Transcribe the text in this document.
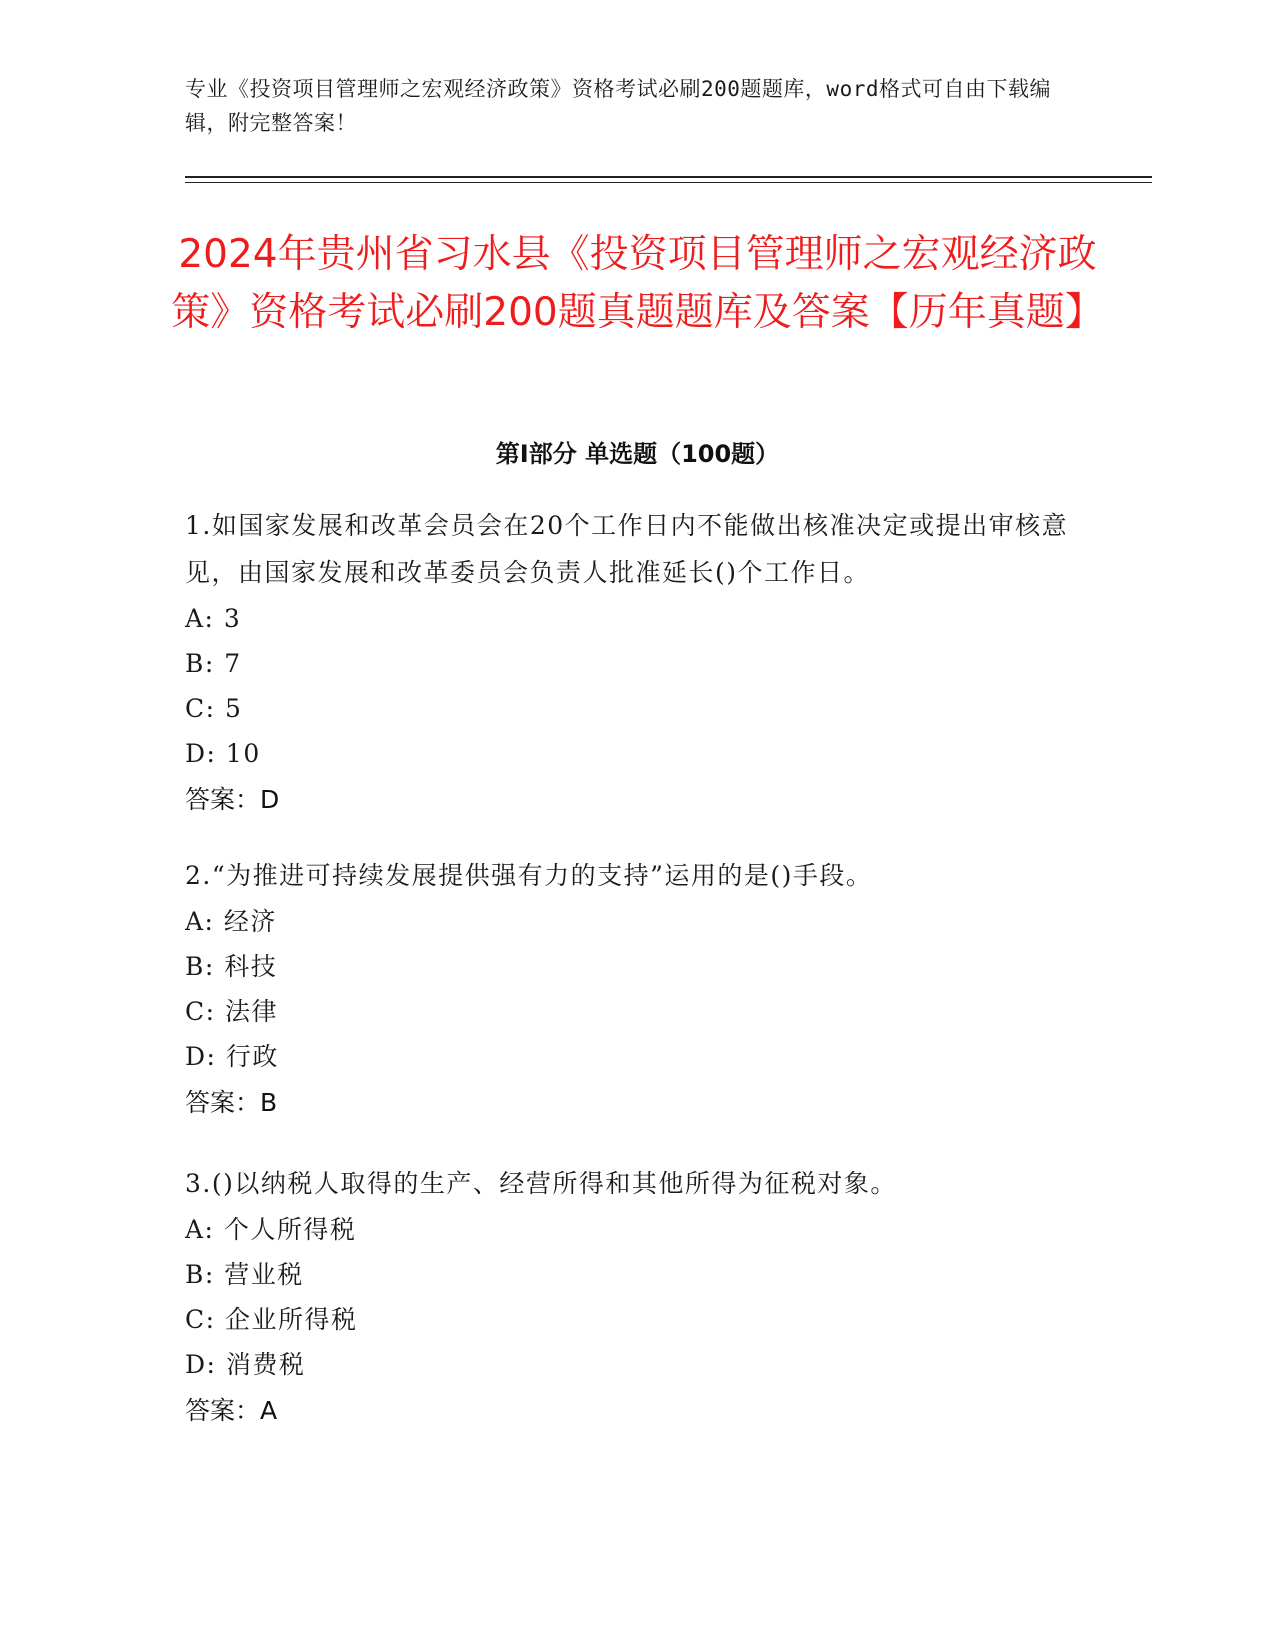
专业《投资项目管理师之宏观经济政策》资格考试必刷200题题库，word格式可自由下载编辑，附完整答案！
2024年贵州省习水县《投资项目管理师之宏观经济政策》资格考试必刷200题真题题库及答案【历年真题】
第I部分 单选题（100题）
1.如国家发展和改革会员会在20个工作日内不能做出核准决定或提出审核意见，由国家发展和改革委员会负责人批准延长()个工作日。
A: 3
B: 7
C: 5
D: 10
答案：D
2.“为推进可持续发展提供强有力的支持”运用的是()手段。
A: 经济
B: 科技
C: 法律
D: 行政
答案：B
3.()以纳税人取得的生产、经营所得和其他所得为征税对象。
A: 个人所得税
B: 营业税
C: 企业所得税
D: 消费税
答案：A
